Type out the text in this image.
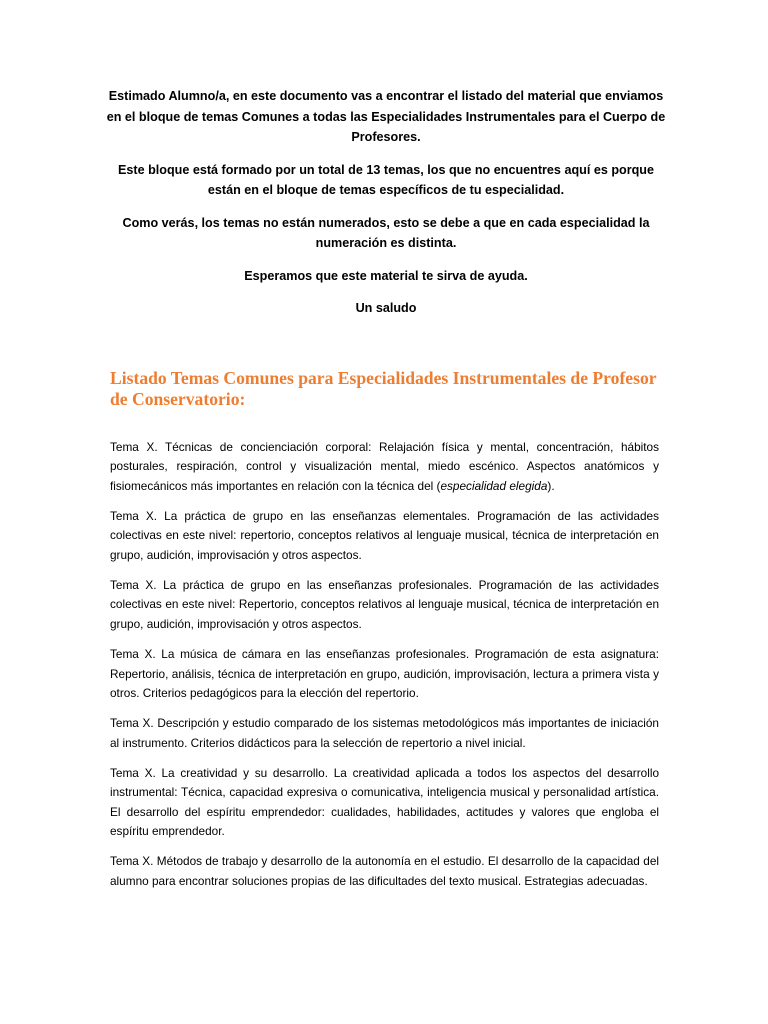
Estimado Alumno/a, en este documento vas a encontrar el listado del material que enviamos en el bloque de temas Comunes a todas las Especialidades Instrumentales para el Cuerpo de Profesores.

Este bloque está formado por un total de 13 temas, los que no encuentres aquí es porque están en el bloque de temas específicos de tu especialidad.

Como verás, los temas no están numerados, esto se debe a que en cada especialidad la numeración es distinta.

Esperamos que este material te sirva de ayuda.

Un saludo

Listado Temas Comunes para Especialidades Instrumentales de Profesor de Conservatorio:

Tema X. Técnicas de concienciación corporal: Relajación física y mental, concentración, hábitos posturales, respiración, control y visualización mental, miedo escénico. Aspectos anatómicos y fisiomecánicos más importantes en relación con la técnica del (especialidad elegida).

Tema X. La práctica de grupo en las enseñanzas elementales. Programación de las actividades colectivas en este nivel: repertorio, conceptos relativos al lenguaje musical, técnica de interpretación en grupo, audición, improvisación y otros aspectos.

Tema X. La práctica de grupo en las enseñanzas profesionales. Programación de las actividades colectivas en este nivel: Repertorio, conceptos relativos al lenguaje musical, técnica de interpretación en grupo, audición, improvisación y otros aspectos.

Tema X. La música de cámara en las enseñanzas profesionales. Programación de esta asignatura: Repertorio, análisis, técnica de interpretación en grupo, audición, improvisación, lectura a primera vista y otros. Criterios pedagógicos para la elección del repertorio.

Tema X. Descripción y estudio comparado de los sistemas metodológicos más importantes de iniciación al instrumento. Criterios didácticos para la selección de repertorio a nivel inicial.

Tema X. La creatividad y su desarrollo. La creatividad aplicada a todos los aspectos del desarrollo instrumental: Técnica, capacidad expresiva o comunicativa, inteligencia musical y personalidad artística. El desarrollo del espíritu emprendedor: cualidades, habilidades, actitudes y valores que engloba el espíritu emprendedor.

Tema X. Métodos de trabajo y desarrollo de la autonomía en el estudio. El desarrollo de la capacidad del alumno para encontrar soluciones propias de las dificultades del texto musical. Estrategias adecuadas.
